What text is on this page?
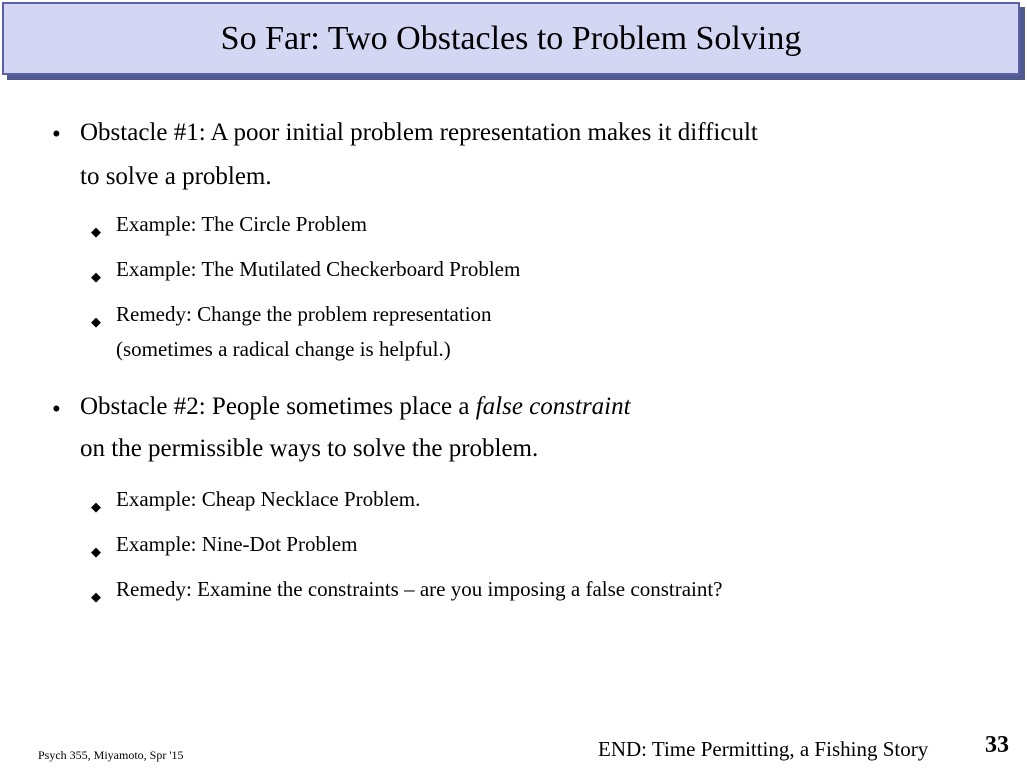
So Far: Two Obstacles to Problem Solving
• Obstacle #1: A poor initial problem representation makes it difficult
to solve a problem.
◆ Example: The Circle Problem
◆ Example: The Mutilated Checkerboard Problem
◆ Remedy: Change the problem representation
(sometimes a radical change is helpful.)
• Obstacle #2: People sometimes place a false constraint
on the permissible ways to solve the problem.
◆ Example: Cheap Necklace Problem.
◆ Example: Nine-Dot Problem
◆ Remedy: Examine the constraints – are you imposing a false constraint?
Psych 355, Miyamoto, Spr '15	END: Time Permitting, a Fishing Story 33
